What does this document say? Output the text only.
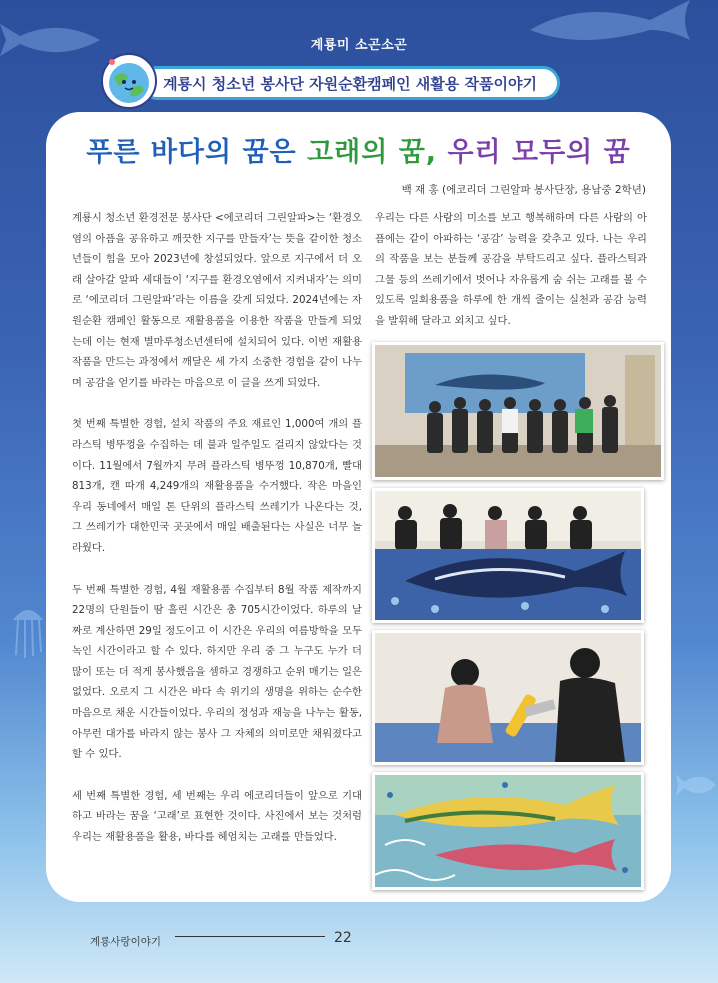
계룡미 소곤소곤
계룡시 청소년 봉사단 자원순환캠페인 새활용 작품이야기
푸른 바다의 꿈은 고래의 꿈, 우리 모두의 꿈
백 재 홍 (에코리더 그린알파 봉사단장, 용남중 2학년)

계룡시 청소년 환경전문 봉사단 <에코리더 그린알파>는 ‘환경오염의 아픔을 공유하고 깨끗한 지구를 만들자’는 뜻을 같이한 청소년들이 힘을 모아 2023년에 창설되었다. 앞으로 지구에서 더 오래 살아갈 알파 세대들이 ‘지구를 환경오염에서 지켜내자’는 의미로 ‘에코리더 그린알파’라는 이름을 갖게 되었다. 2024년에는 자원순환 캠페인 활동으로 재활용품을 이용한 작품을 만들게 되었는데 이는 현재 별마루청소년센터에 설치되어 있다. 이번 재활용 작품을 만드는 과정에서 깨달은 세 가지 소중한 경험을 같이 나누며 공감을 얻기를 바라는 마음으로 이 글을 쓰게 되었다.

첫 번째 특별한 경험, 설치 작품의 주요 재료인 1,000여 개의 플라스틱 병뚜껑을 수집하는 데 불과 일주일도 걸리지 않았다는 것이다. 11월에서 7월까지 무려 플라스틱 병뚜껑 10,870개, 빨대 813개, 캔 따개 4,249개의 재활용품을 수거했다. 작은 마을인 우리 동네에서 매일 톤 단위의 플라스틱 쓰레기가 나온다는 것, 그 쓰레기가 대한민국 곳곳에서 매일 배출된다는 사실은 너무 놀라웠다.

두 번째 특별한 경험, 4월 재활용품 수집부터 8월 작품 제작까지 22명의 단원들이 땀 흘린 시간은 총 705시간이었다. 하루의 날짜로 계산하면 29일 정도이고 이 시간은 우리의 여름방학을 모두 녹인 시간이라고 할 수 있다. 하지만 우리 중 그 누구도 누가 더 많이 또는 더 적게 봉사했음을 셈하고 경쟁하고 순위 매기는 일은 없었다. 오로지 그 시간은 바다 속 위기의 생명을 위하는 순수한 마음으로 채운 시간들이었다. 우리의 정성과 재능을 나누는 활동, 아무런 대가를 바라지 않는 봉사 그 자체의 의미로만 채워졌다고 할 수 있다.

세 번째 특별한 경험, 세 번째는 우리 에코리더들이 앞으로 기대하고 바라는 꿈을 ‘고래’로 표현한 것이다. 사진에서 보는 것처럼 우리는 재활용품을 활용, 바다를 헤엄치는 고래를 만들었다.

우리는 다른 사람의 미소를 보고 행복해하며 다른 사람의 아픔에는 같이 아파하는 ‘공감’ 능력을 갖추고 있다. 나는 우리의 작품을 보는 분들께 공감을 부탁드리고 싶다. 플라스틱과 그물 등의 쓰레기에서 벗어나 자유롭게 숨 쉬는 고래를 볼 수 있도록 일회용품을 하루에 한 개씩 줄이는 실천과 공감 능력을 발휘해 달라고 외치고 싶다.

계룡사랑이야기	22
